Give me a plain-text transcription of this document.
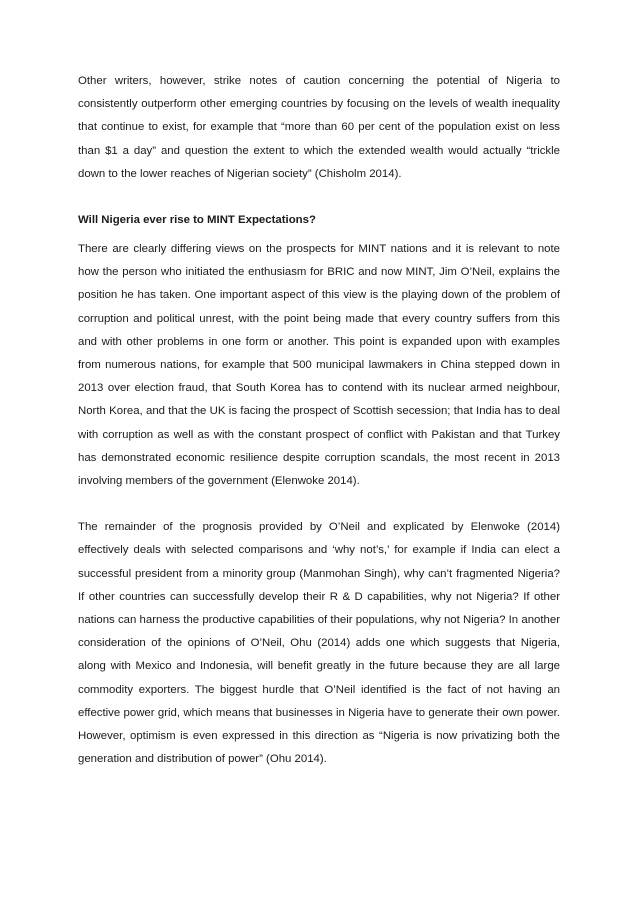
Other writers, however, strike notes of caution concerning the potential of Nigeria to consistently outperform other emerging countries by focusing on the levels of wealth inequality that continue to exist, for example that “more than 60 per cent of the population exist on less than $1 a day” and question the extent to which the extended wealth would actually “trickle down to the lower reaches of Nigerian society” (Chisholm 2014).

Will Nigeria ever rise to MINT Expectations?

There are clearly differing views on the prospects for MINT nations and it is relevant to note how the person who initiated the enthusiasm for BRIC and now MINT, Jim O’Neil, explains the position he has taken. One important aspect of this view is the playing down of the problem of corruption and political unrest, with the point being made that every country suffers from this and with other problems in one form or another. This point is expanded upon with examples from numerous nations, for example that 500 municipal lawmakers in China stepped down in 2013 over election fraud, that South Korea has to contend with its nuclear armed neighbour, North Korea, and that the UK is facing the prospect of Scottish secession; that India has to deal with corruption as well as with the constant prospect of conflict with Pakistan and that Turkey has demonstrated economic resilience despite corruption scandals, the most recent in 2013 involving members of the government (Elenwoke 2014).

The remainder of the prognosis provided by O’Neil and explicated by Elenwoke (2014) effectively deals with selected comparisons and ‘why not’s,’ for example if India can elect a successful president from a minority group (Manmohan Singh), why can’t fragmented Nigeria? If other countries can successfully develop their R & D capabilities, why not Nigeria? If other nations can harness the productive capabilities of their populations, why not Nigeria? In another consideration of the opinions of O’Neil, Ohu (2014) adds one which suggests that Nigeria, along with Mexico and Indonesia, will benefit greatly in the future because they are all large commodity exporters. The biggest hurdle that O’Neil identified is the fact of not having an effective power grid, which means that businesses in Nigeria have to generate their own power. However, optimism is even expressed in this direction as “Nigeria is now privatizing both the generation and distribution of power” (Ohu 2014).
